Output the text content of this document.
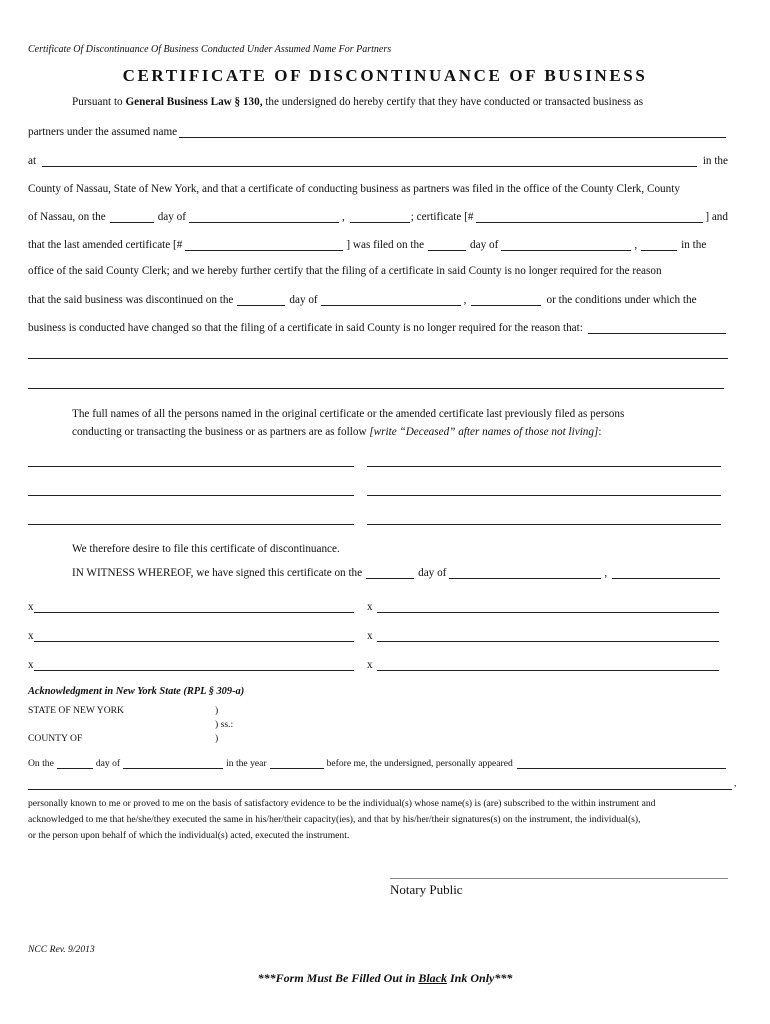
Certificate Of Discontinuance Of Business Conducted Under Assumed Name For Partners
CERTIFICATE OF DISCONTINUANCE OF BUSINESS
Pursuant to General Business Law § 130, the undersigned do hereby certify that they have conducted or transacted business as
partners under the assumed name
at	in the
County of Nassau, State of New York, and that a certificate of conducting business as partners was filed in the office of the County Clerk, County
of Nassau, on the	day of	,	; certificate [#	] and
that the last amended certificate [#	] was filed on the	day of	,	in the
office of the said County Clerk; and we hereby further certify that the filing of a certificate in said County is no longer required for the reason
that the said business was discontinued on the	day of	,	or the conditions under which the
business is conducted have changed so that the filing of a certificate in said County is no longer required for the reason that:
The full names of all the persons named in the original certificate or the amended certificate last previously filed as persons
conducting or transacting the business or as partners are as follow [write “Deceased” after names of those not living]:
We therefore desire to file this certificate of discontinuance.
IN WITNESS WHEREOF, we have signed this certificate on the	day of	,
x	x
x	x
x	x
Acknowledgment in New York State (RPL § 309-a)
STATE OF NEW YORK	)
) ss.:
COUNTY OF	)
On the	day of	in the year	before me, the undersigned, personally appeared
,
personally known to me or proved to me on the basis of satisfactory evidence to be the individual(s) whose name(s) is (are) subscribed to the within instrument and
acknowledged to me that he/she/they executed the same in his/her/their capacity(ies), and that by his/her/their signatures(s) on the instrument, the individual(s),
or the person upon behalf of which the individual(s) acted, executed the instrument.
Notary Public
NCC Rev. 9/2013
***Form Must Be Filled Out in Black Ink Only***
